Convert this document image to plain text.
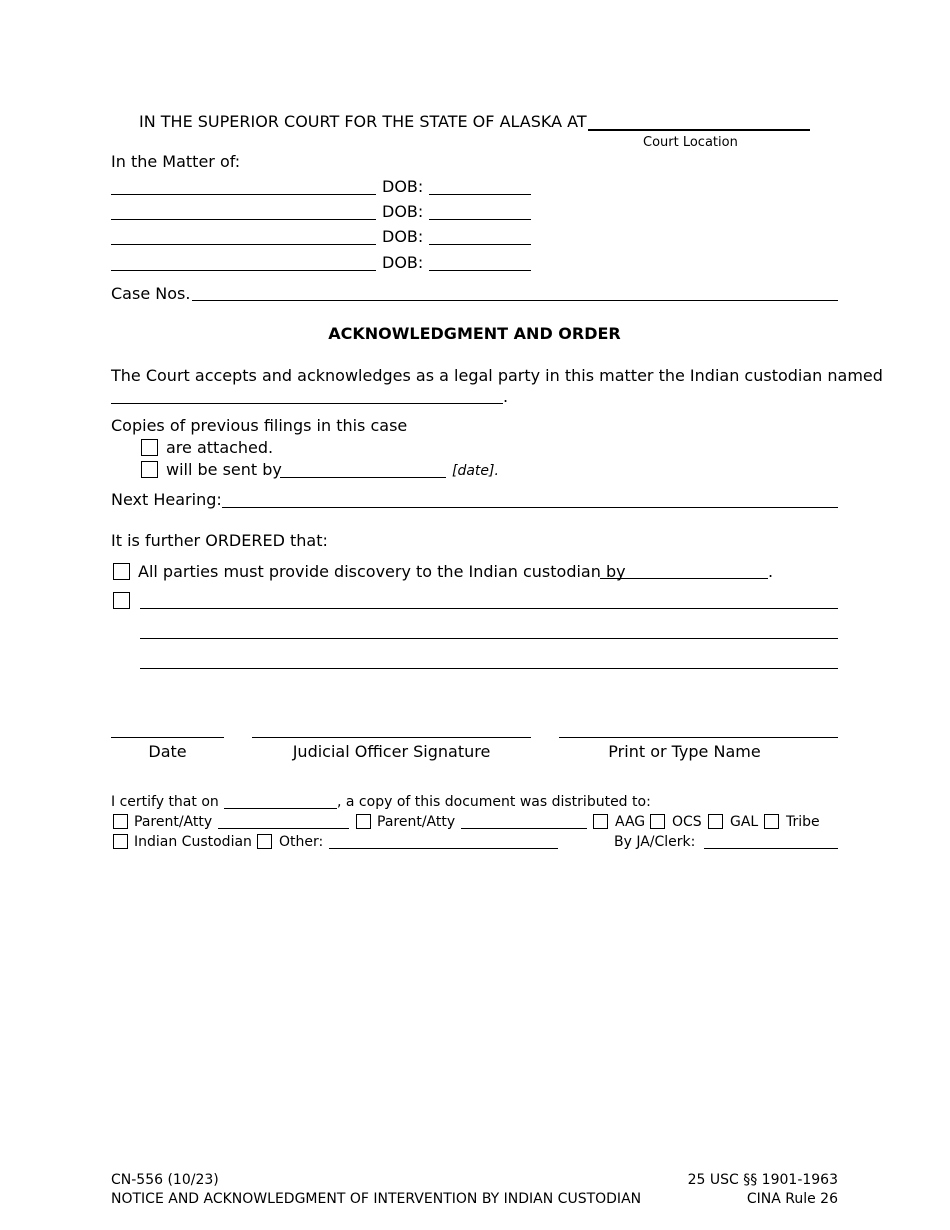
IN THE SUPERIOR COURT FOR THE STATE OF ALASKA AT
Court Location
In the Matter of:
DOB:
DOB:
DOB:
DOB:
Case Nos.
ACKNOWLEDGMENT AND ORDER
The Court accepts and acknowledges as a legal party in this matter the Indian custodian named
.
Copies of previous filings in this case
are attached.
will be sent by	[date].
Next Hearing:
It is further ORDERED that:
All parties must provide discovery to the Indian custodian by	.
Date	Judicial Officer Signature	Print or Type Name
I certify that on	, a copy of this document was distributed to:
Parent/Atty	Parent/Atty	AAG OCS GAL Tribe
Indian Custodian Other:	By JA/Clerk:
CN-556 (10/23)
NOTICE AND ACKNOWLEDGMENT OF INTERVENTION BY INDIAN CUSTODIAN
25 USC §§ 1901-1963
CINA Rule 26
